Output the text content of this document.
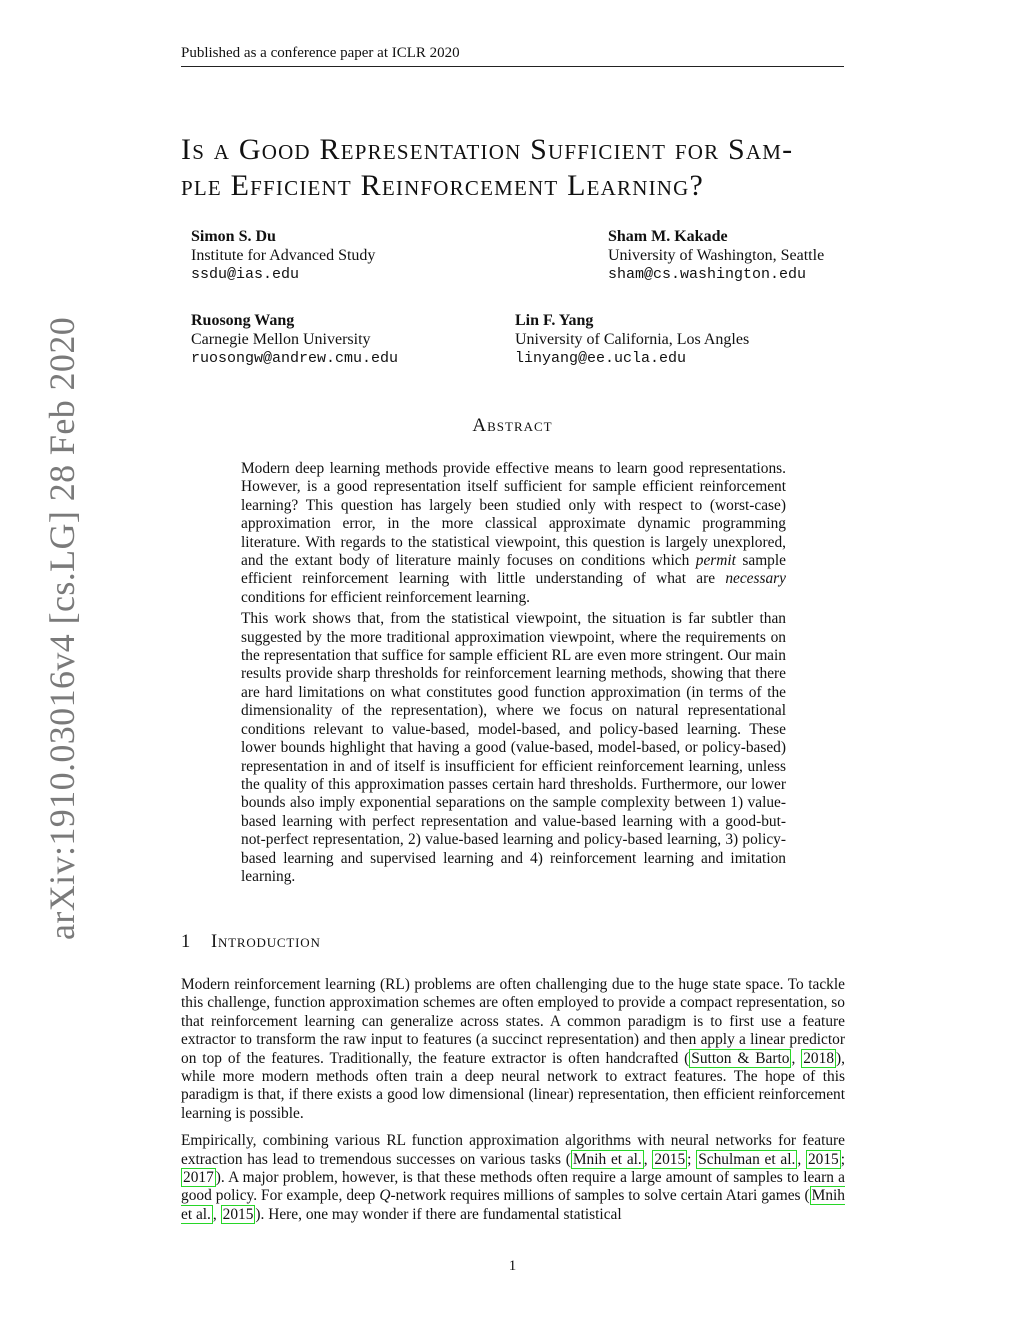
Published as a conference paper at ICLR 2020
arXiv:1910.03016v4 [cs.LG] 28 Feb 2020
Is a Good Representation Sufficient for Sam-
ple Efficient Reinforcement Learning?
Simon S. Du
Institute for Advanced Study
ssdu@ias.edu
Sham M. Kakade
University of Washington, Seattle
sham@cs.washington.edu
Ruosong Wang
Carnegie Mellon University
ruosongw@andrew.cmu.edu
Lin F. Yang
University of California, Los Angles
linyang@ee.ucla.edu
Abstract

Modern deep learning methods provide effective means to learn good representations. However, is a good representation itself sufficient for sample efficient reinforcement learning? This question has largely been studied only with respect to (worst-case) approximation error, in the more classical approximate dynamic programming literature. With regards to the statistical viewpoint, this question is largely unexplored, and the extant body of literature mainly focuses on conditions which permit sample efficient reinforcement learning with little understanding of what are necessary conditions for efficient reinforcement learning.

This work shows that, from the statistical viewpoint, the situation is far subtler than suggested by the more traditional approximation viewpoint, where the requirements on the representation that suffice for sample efficient RL are even more stringent. Our main results provide sharp thresholds for reinforcement learning methods, showing that there are hard limitations on what constitutes good function approximation (in terms of the dimensionality of the representation), where we focus on natural representational conditions relevant to value-based, model-based, and policy-based learning. These lower bounds highlight that having a good (value-based, model-based, or policy-based) representation in and of itself is insufficient for efficient reinforcement learning, unless the quality of this approximation passes certain hard thresholds. Furthermore, our lower bounds also imply exponential separations on the sample complexity between 1) value-based learning with perfect representation and value-based learning with a good-but-not-perfect representation, 2) value-based learning and policy-based learning, 3) policy-based learning and supervised learning and 4) reinforcement learning and imitation learning.

1 Introduction

Modern reinforcement learning (RL) problems are often challenging due to the huge state space. To tackle this challenge, function approximation schemes are often employed to provide a compact representation, so that reinforcement learning can generalize across states. A common paradigm is to first use a feature extractor to transform the raw input to features (a succinct representation) and then apply a linear predictor on top of the features. Traditionally, the feature extractor is often handcrafted ( Sutton & Barto , 2018 ), while more modern methods often train a deep neural network to extract features. The hope of this paradigm is that, if there exists a good low dimensional (linear) representation, then efficient reinforcement learning is possible.

Empirically, combining various RL function approximation algorithms with neural networks for feature extraction has lead to tremendous successes on various tasks ( Mnih et al. , 2015 ; Schulman et al. , 2015 ; 2017 ). A major problem, however, is that these methods often require a large amount of samples to learn a good policy. For example, deep Q-network requires millions of samples to solve certain Atari games ( Mnih et al. , 2015 ). Here, one may wonder if there are fundamental statistical

1
